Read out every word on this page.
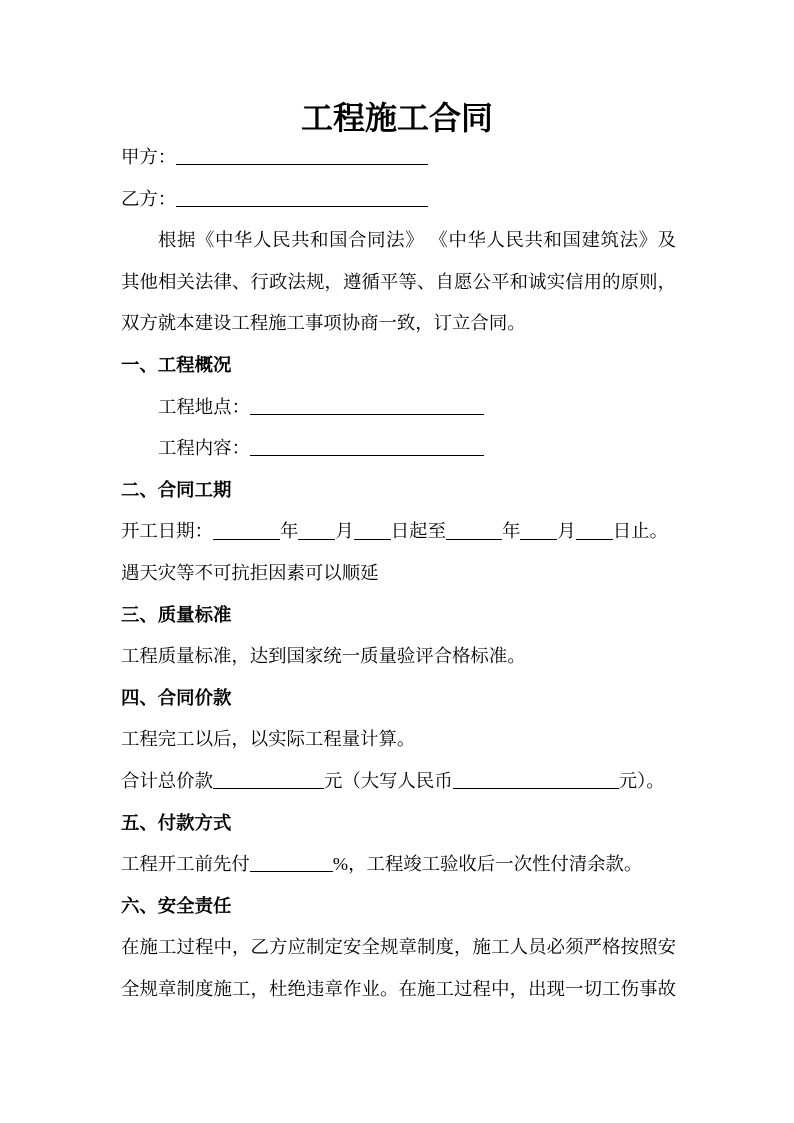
工程施工合同
甲方：
乙方：
根据《中华人民共和国合同法》 《中华人民共和国建筑法》及
其他相关法律、行政法规，遵循平等、自愿公平和诚实信用的原则，
双方就本建设工程施工事项协商一致，订立合同。
一、工程概况
工程地点：
工程内容：
二、合同工期
开工日期：	年 月 日起至	年 月 日止。
遇天灾等不可抗拒因素可以顺延
三、质量标准
工程质量标准，达到国家统一质量验评合格标准。
四、合同价款
工程完工以后，以实际工程量计算。
合计总价款	元（大写人民币	元）。
五、付款方式
工程开工前先付	%，工程竣工验收后一次性付清余款。
六、安全责任
在施工过程中，乙方应制定安全规章制度，施工人员必须严格按照安
全规章制度施工，杜绝违章作业。在施工过程中，出现一切工伤事故
